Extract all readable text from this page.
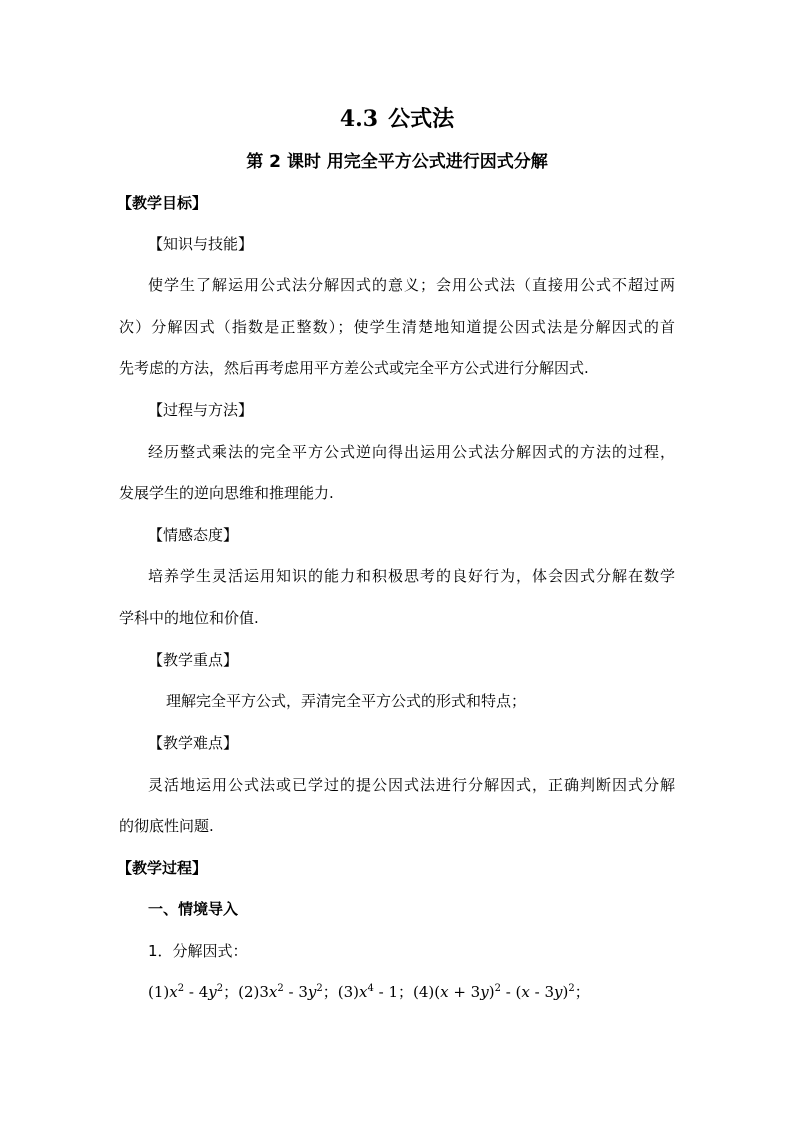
4.3 公式法
第 2 课时 用完全平方公式进行因式分解
【教学目标】
【知识与技能】
使学生了解运用公式法分解因式的意义；会用公式法（直接用公式不超过两
次）分解因式（指数是正整数）；使学生清楚地知道提公因式法是分解因式的首
先考虑的方法，然后再考虑用平方差公式或完全平方公式进行分解因式.
【过程与方法】
经历整式乘法的完全平方公式逆向得出运用公式法分解因式的方法的过程，
发展学生的逆向思维和推理能力.
【情感态度】
培养学生灵活运用知识的能力和积极思考的良好行为，体会因式分解在数学
学科中的地位和价值.
【教学重点】
理解完全平方公式，弄清完全平方公式的形式和特点；
【教学难点】
灵活地运用公式法或已学过的提公因式法进行分解因式，正确判断因式分解
的彻底性问题.
【教学过程】
一、情境导入
1．分解因式：
$(1)x^2 - 4y^2$；$(2)3x^2 - 3y^2$；$(3)x^4 - 1$；$(4)(x + 3y)^2 - (x - 3y)^2$；
